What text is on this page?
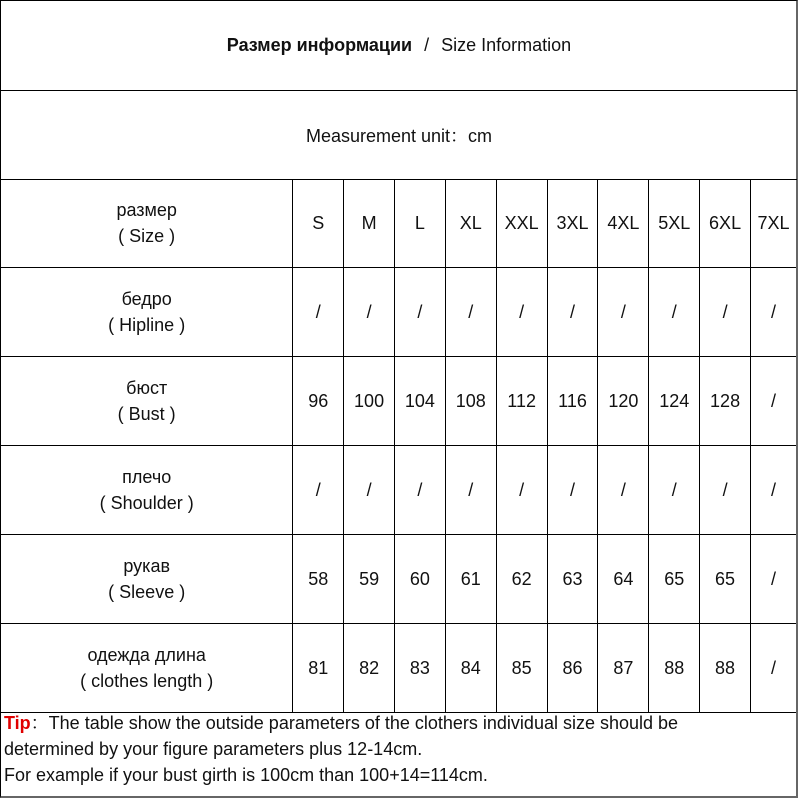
Размер информации / Size Information
Measurement unit：cm
размер
( Size )	S	M	L	XL	XXL	3XL	4XL	5XL	6XL	7XL
бедро
( Hipline )	/	/	/	/	/	/	/	/	/	/
бюст
( Bust )	96	100	104	108	112	116	120	124	128	/
плечо
( Shoulder )	/	/	/	/	/	/	/	/	/	/
рукав
( Sleeve )	58	59	60	61	62	63	64	65	65	/
одежда длина
( clothes length )	81	82	83	84	85	86	87	88	88	/
Tip：The table show the outside parameters of the clothers individual size should be
determined by your figure parameters plus 12-14cm.
For example if your bust girth is 100cm than 100+14=114cm.
